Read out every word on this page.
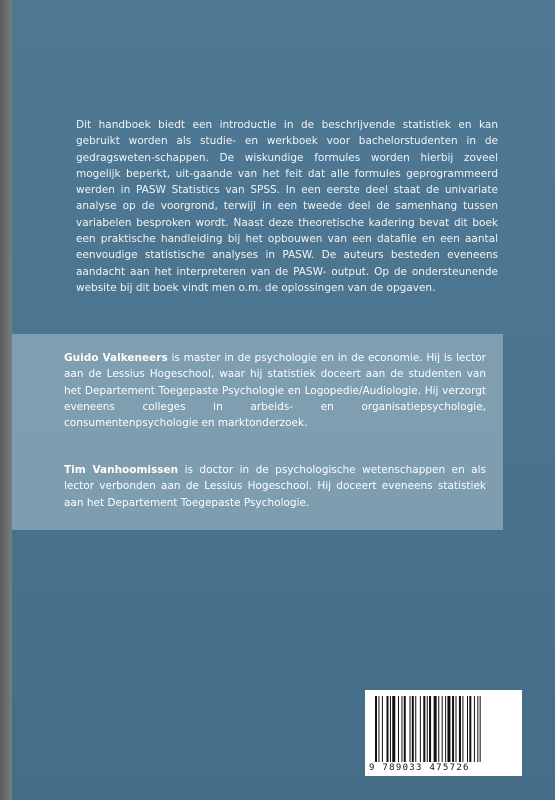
Dit handboek biedt een introductie in de beschrijvende statistiek en kan gebruikt worden als studie- en werkboek voor bachelorstudenten in de gedragsweten-schappen. De wiskundige formules worden hierbij zoveel mogelijk beperkt, uit-gaande van het feit dat alle formules geprogrammeerd werden in PASW Statistics van SPSS. In een eerste deel staat de univariate analyse op de voorgrond, terwijl in een tweede deel de samenhang tussen variabelen besproken wordt. Naast deze theoretische kadering bevat dit boek een praktische handleiding bij het opbouwen van een datafile en een aantal eenvoudige statistische analyses in PASW. De auteurs besteden eveneens aandacht aan het interpreteren van de PASW- output. Op de ondersteunende website bij dit boek vindt men o.m. de oplossingen van de opgaven.
Guido Valkeneers is master in de psychologie en in de economie. Hij is lector aan de Lessius Hogeschool, waar hij statistiek doceert aan de studenten van het Departement Toegepaste Psychologie en Logopedie/Audiologie. Hij verzorgt eveneens colleges in arbeids- en organisatiepsychologie, consumentenpsychologie en marktonderzoek.
Tim Vanhoomissen is doctor in de psychologische wetenschappen en als lector verbonden aan de Lessius Hogeschool. Hij doceert eveneens statistiek aan het Departement Toegepaste Psychologie.
9 789033 475726
